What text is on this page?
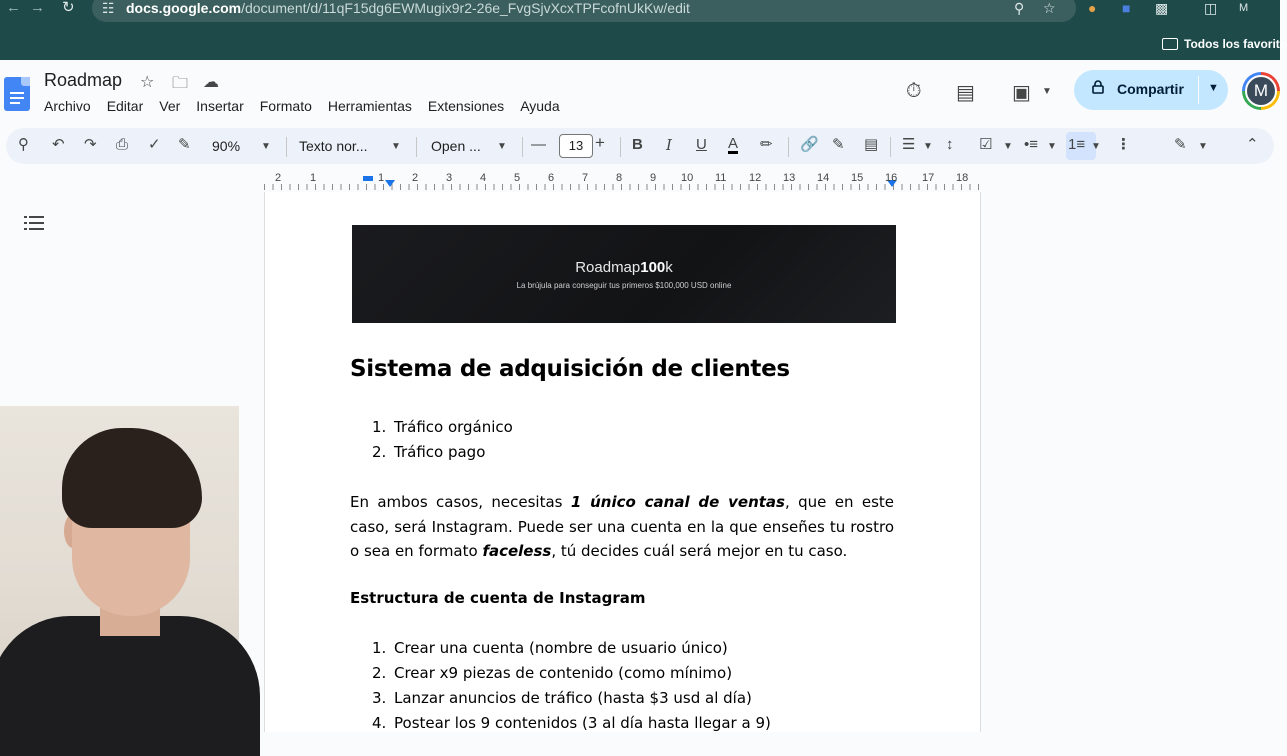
← → ↻ ☷ docs.google.com/document/d/11qF15dg6EWMugix9r2-26e_FvgSjvXcxTPFcofnUkKw/edit	⚲ ☆ ● ■ ▩	◫ M
Todos los favorito
Roadmap ☆ 🗀 ☁
Archivo Editar Ver Insertar Formato Herramientas Extensiones Ayuda
⏱ ▤ ▣ ▼	Compartir ▼	M
⚲ ↶ ↷ ⎙ ✓ ✎ 90% ▼ Texto nor... ▼ Open ... ▼ —	13 + B I U A ✏ 🔗 ✎ ▤ ☰ ▼ ↕ ☑ ▼ •≡ ▼ 1≡ ▼ ⋮	✎ ▼	⌃
2	1	1	2	3	4	5	6	7	8	9 10 11 12 13 14 15 16 17 18
Roadmap100k
La brújula para conseguir tus primeros $100,000 USD online
Sistema de adquisición de clientes
1. Tráfico orgánico
2. Tráfico pago
En ambos casos, necesitas 1 único canal de ventas, que en este caso, será Instagram. Puede ser una cuenta en la que enseñes tu rostro o sea en formato faceless, tú decides cuál será mejor en tu caso.
Estructura de cuenta de Instagram
1. Crear una cuenta (nombre de usuario único)
2. Crear x9 piezas de contenido (como mínimo)
3. Lanzar anuncios de tráfico (hasta $3 usd al día)
4. Postear los 9 contenidos (3 al día hasta llegar a 9)
